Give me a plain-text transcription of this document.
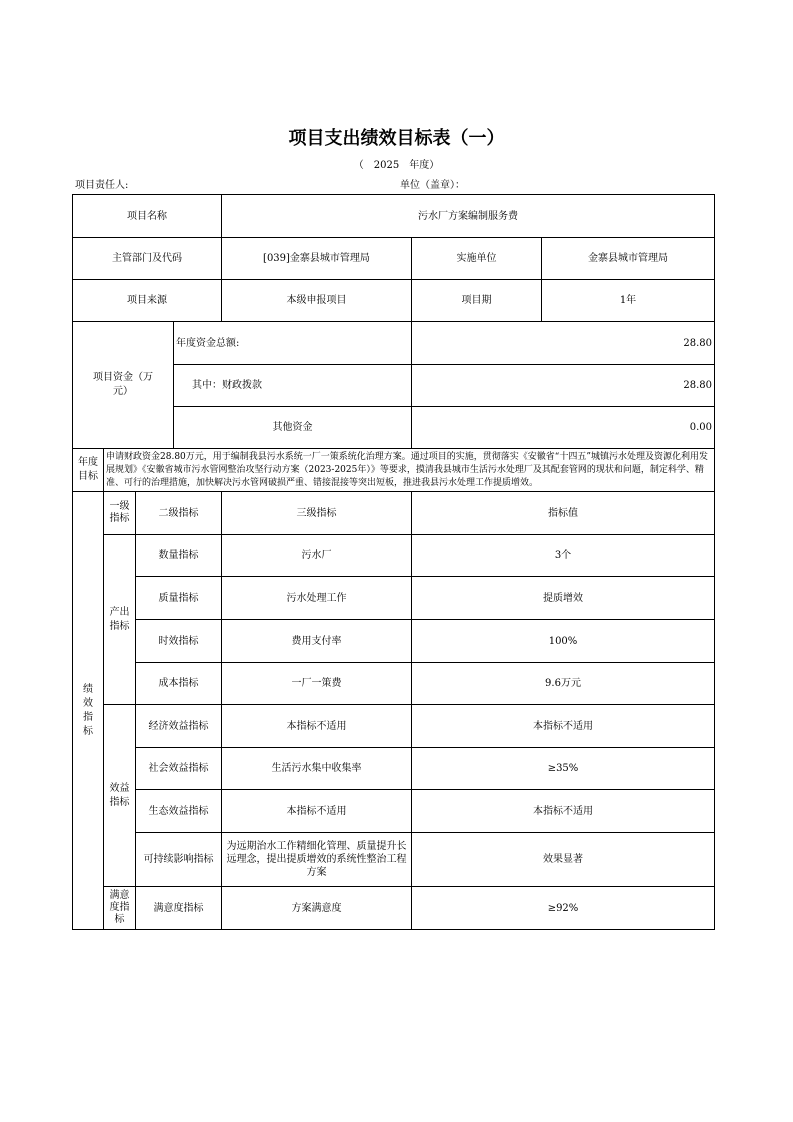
项目支出绩效目标表（一）
（　2025　年度）
项目责任人:	单位（盖章）：
项目名称				污水厂方案编制服务费		
主管部门及代码				[039]金寨县城市管理局	实施单位	金寨县城市管理局
项目来源				本级申报项目	项目期	1年

项目资金（万元）			年度资金总额:		28.80	
			其中：财政拨款		28.80	
			其他资金		0.00	

年度目标	申请财政资金28.80万元，用于编制我县污水系统一厂一策系统化治理方案。通过项目的实施，贯彻落实《安徽省“十四五”城镇污水处理及资源化利用发展规划》《安徽省城市污水管网整治攻坚行动方案（2023-2025年）》等要求，摸清我县城市生活污水处理厂及其配套管网的现状和问题，制定科学、精准、可行的治理措施，加快解决污水管网破损严重、错接混接等突出短板，推进我县污水处理工作提质增效。					
绩效指标	一级指标	二级指标		三级指标	指标值	
	产出指标	数量指标		污水厂	3个	
		质量指标		污水处理工作	提质增效	
		时效指标		费用支付率	100%	
		成本指标		一厂一策费	9.6万元	
	效益指标	经济效益指标		本指标不适用	本指标不适用	
		社会效益指标		生活污水集中收集率	≥35%	
		生态效益指标		本指标不适用	本指标不适用	
		可持续影响指标		为远期治水工作精细化管理、质量提升长远理念，提出提质增效的系统性整治工程方案	效果显著	
	满意度指标	满意度指标		方案满意度	≥92%	
